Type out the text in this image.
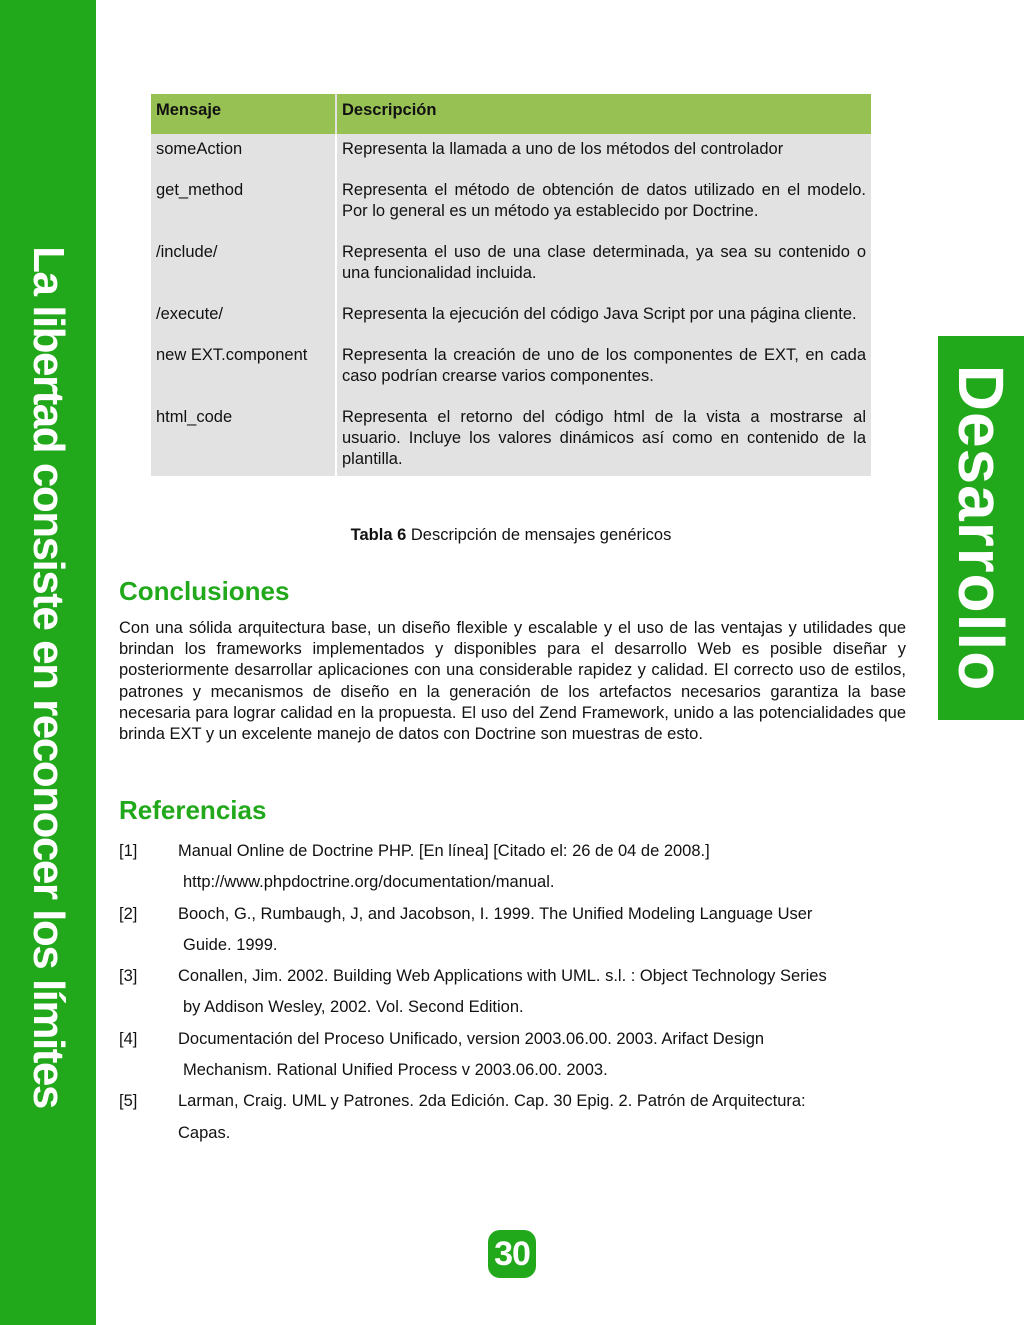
La libertad consiste en reconocer los límites	Desarrollo
Mensaje	Descripción
someAction	Representa la llamada a uno de los métodos del controlador
get_method	Representa el método de obtención de datos utilizado en el modelo. Por lo general es un método ya establecido por Doctrine.
/include/	Representa el uso de una clase determinada, ya sea su contenido o una funcionalidad incluida.
/execute/	Representa la ejecución del código Java Script por una página cliente.
new EXT.component	Representa la creación de uno de los componentes de EXT, en cada caso podrían crearse varios componentes.
html_code	Representa el retorno del código html de la vista a mostrarse al usuario. Incluye los valores dinámicos así como en contenido de la plantilla.
Tabla 6 Descripción de mensajes genéricos
Conclusiones

Con una sólida arquitectura base, un diseño flexible y escalable y el uso de las ventajas y utilidades que brindan los frameworks implementados y disponibles para el desarrollo Web es posible diseñar y posteriormente desarrollar aplicaciones con una considerable rapidez y calidad. El correcto uso de estilos, patrones y mecanismos de diseño en la generación de los artefactos necesarios garantiza la base necesaria para lograr calidad en la propuesta. El uso del Zend Framework, unido a las potencialidades que brinda EXT y un excelente manejo de datos con Doctrine son muestras de esto.

Referencias
[1] Manual Online de Doctrine PHP. [En línea] [Citado el: 26 de 04 de 2008.]
http://www.phpdoctrine.org/documentation/manual.
[2] Booch, G., Rumbaugh, J, and Jacobson, I. 1999. The Unified Modeling Language User
Guide. 1999.
[3] Conallen, Jim. 2002. Building Web Applications with UML. s.l. : Object Technology Series
by Addison Wesley, 2002. Vol. Second Edition.
[4] Documentación del Proceso Unificado, version 2003.06.00. 2003. Arifact Design
Mechanism. Rational Unified Process v 2003.06.00. 2003.
[5] Larman, Craig. UML y Patrones. 2da Edición. Cap. 30 Epig. 2. Patrón de Arquitectura:
Capas.
30
